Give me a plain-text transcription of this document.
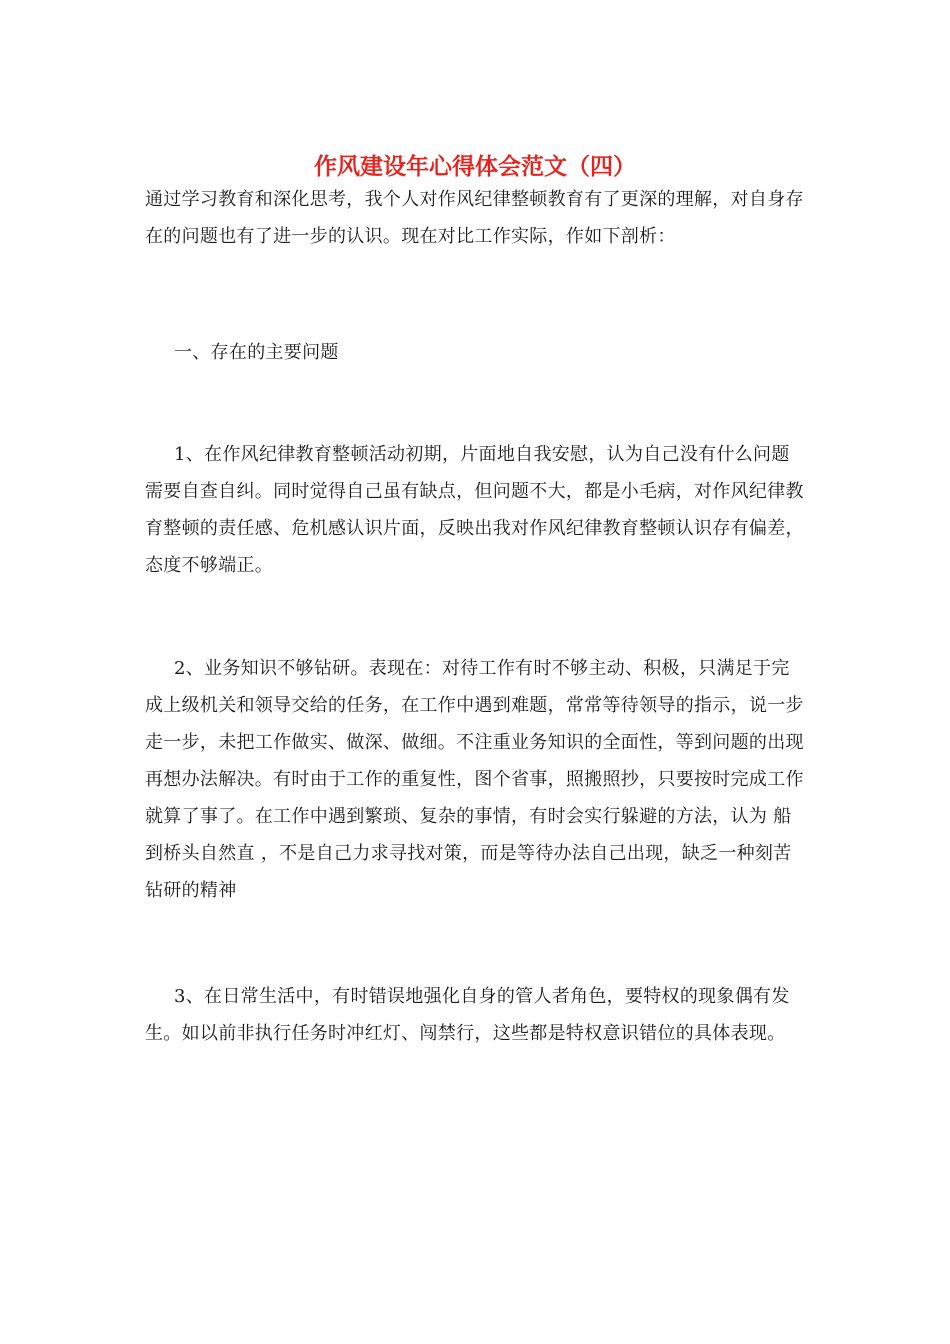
作风建设年心得体会范文（四）

通过学习教育和深化思考，我个人对作风纪律整顿教育有了更深的理解，对自身存在的问题也有了进一步的认识。现在对比工作实际，作如下剖析：

一、存在的主要问题

1、在作风纪律教育整顿活动初期，片面地自我安慰，认为自己没有什么问题需要自查自纠。同时觉得自己虽有缺点，但问题不大，都是小毛病，对作风纪律教育整顿的责任感、危机感认识片面，反映出我对作风纪律教育整顿认识存有偏差，态度不够端正。

2、业务知识不够钻研。表现在：对待工作有时不够主动、积极，只满足于完成上级机关和领导交给的任务，在工作中遇到难题，常常等待领导的指示，说一步走一步，未把工作做实、做深、做细。不注重业务知识的全面性，等到问题的出现再想办法解决。有时由于工作的重复性，图个省事，照搬照抄，只要按时完成工作就算了事了。在工作中遇到繁琐、复杂的事情，有时会实行躲避的方法，认为 船到桥头自然直 ，不是自己力求寻找对策，而是等待办法自己出现，缺乏一种刻苦钻研的精神

3、在日常生活中，有时错误地强化自身的管人者角色，要特权的现象偶有发生。如以前非执行任务时冲红灯、闯禁行，这些都是特权意识错位的具体表现。
